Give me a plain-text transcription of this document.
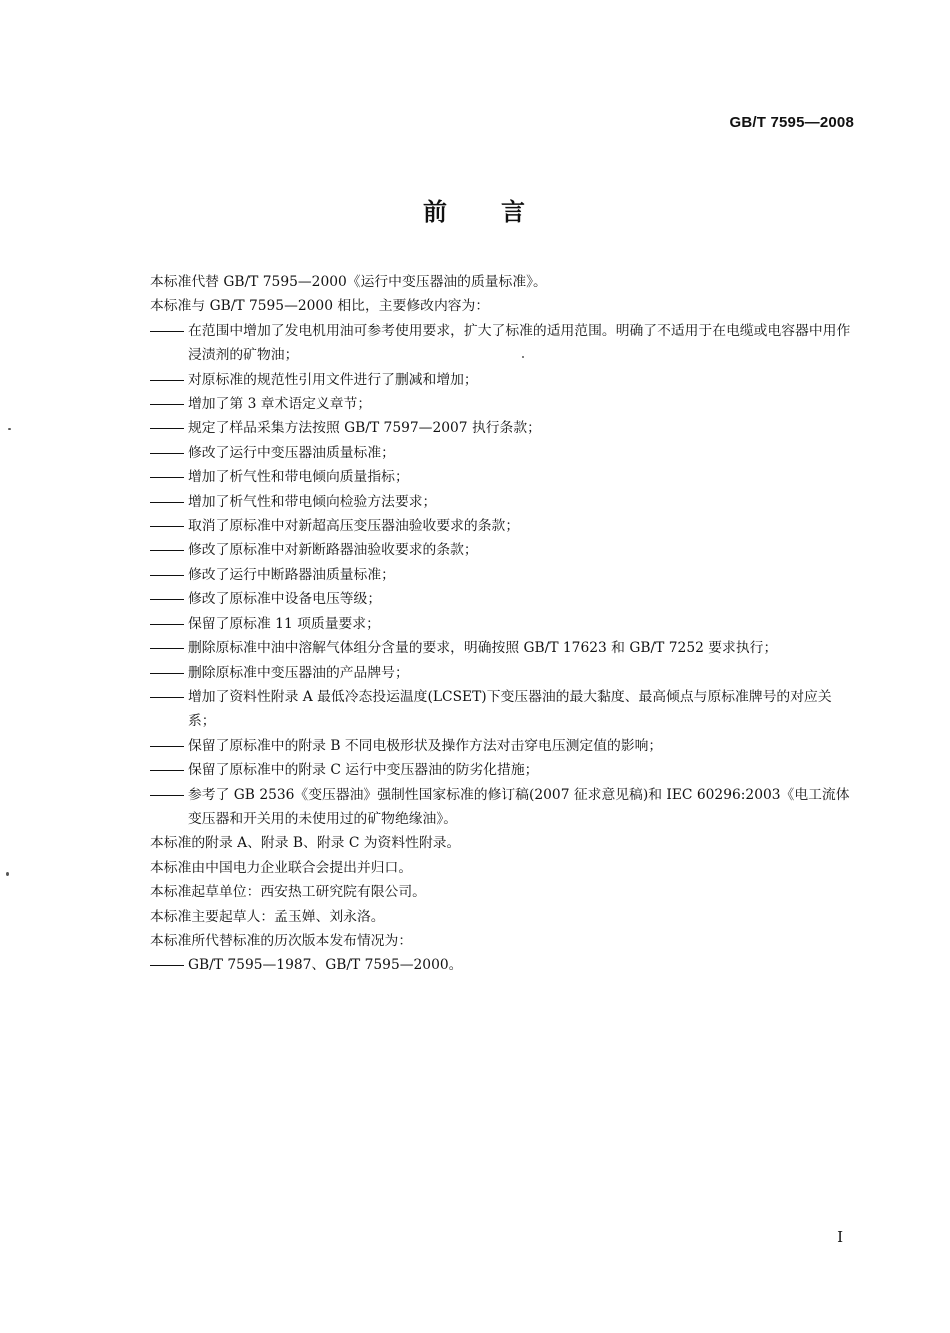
GB/T 7595—2008
前 言

本标准代替 GB/T 7595—2000《运行中变压器油的质量标准》。

本标准与 GB/T 7595—2000 相比，主要修改内容为：

在范围中增加了发电机用油可参考使用要求，扩大了标准的适用范围。明确了不适用于在电缆或电容器中用作浸渍剂的矿物油；
对原标准的规范性引用文件进行了删减和增加；
增加了第 3 章术语定义章节；
规定了样品采集方法按照 GB/T 7597—2007 执行条款；
修改了运行中变压器油质量标准；
增加了析气性和带电倾向质量指标；
增加了析气性和带电倾向检验方法要求；
取消了原标准中对新超高压变压器油验收要求的条款；
修改了原标准中对新断路器油验收要求的条款；
修改了运行中断路器油质量标准；
修改了原标准中设备电压等级；
保留了原标准 11 项质量要求；
删除原标准中油中溶解气体组分含量的要求，明确按照 GB/T 17623 和 GB/T 7252 要求执行；
删除原标准中变压器油的产品牌号；
增加了资料性附录 A 最低冷态投运温度(LCSET)下变压器油的最大黏度、最高倾点与原标准牌号的对应关系；
保留了原标准中的附录 B 不同电极形状及操作方法对击穿电压测定值的影响；
保留了原标准中的附录 C 运行中变压器油的防劣化措施；
参考了 GB 2536《变压器油》强制性国家标准的修订稿(2007 征求意见稿)和 IEC 60296:2003《电工流体　变压器和开关用的未使用过的矿物绝缘油》。

本标准的附录 A、附录 B、附录 C 为资料性附录。

本标准由中国电力企业联合会提出并归口。

本标准起草单位：西安热工研究院有限公司。

本标准主要起草人：孟玉婵、刘永洛。

本标准所代替标准的历次版本发布情况为：

GB/T 7595—1987、GB/T 7595—2000。
I
